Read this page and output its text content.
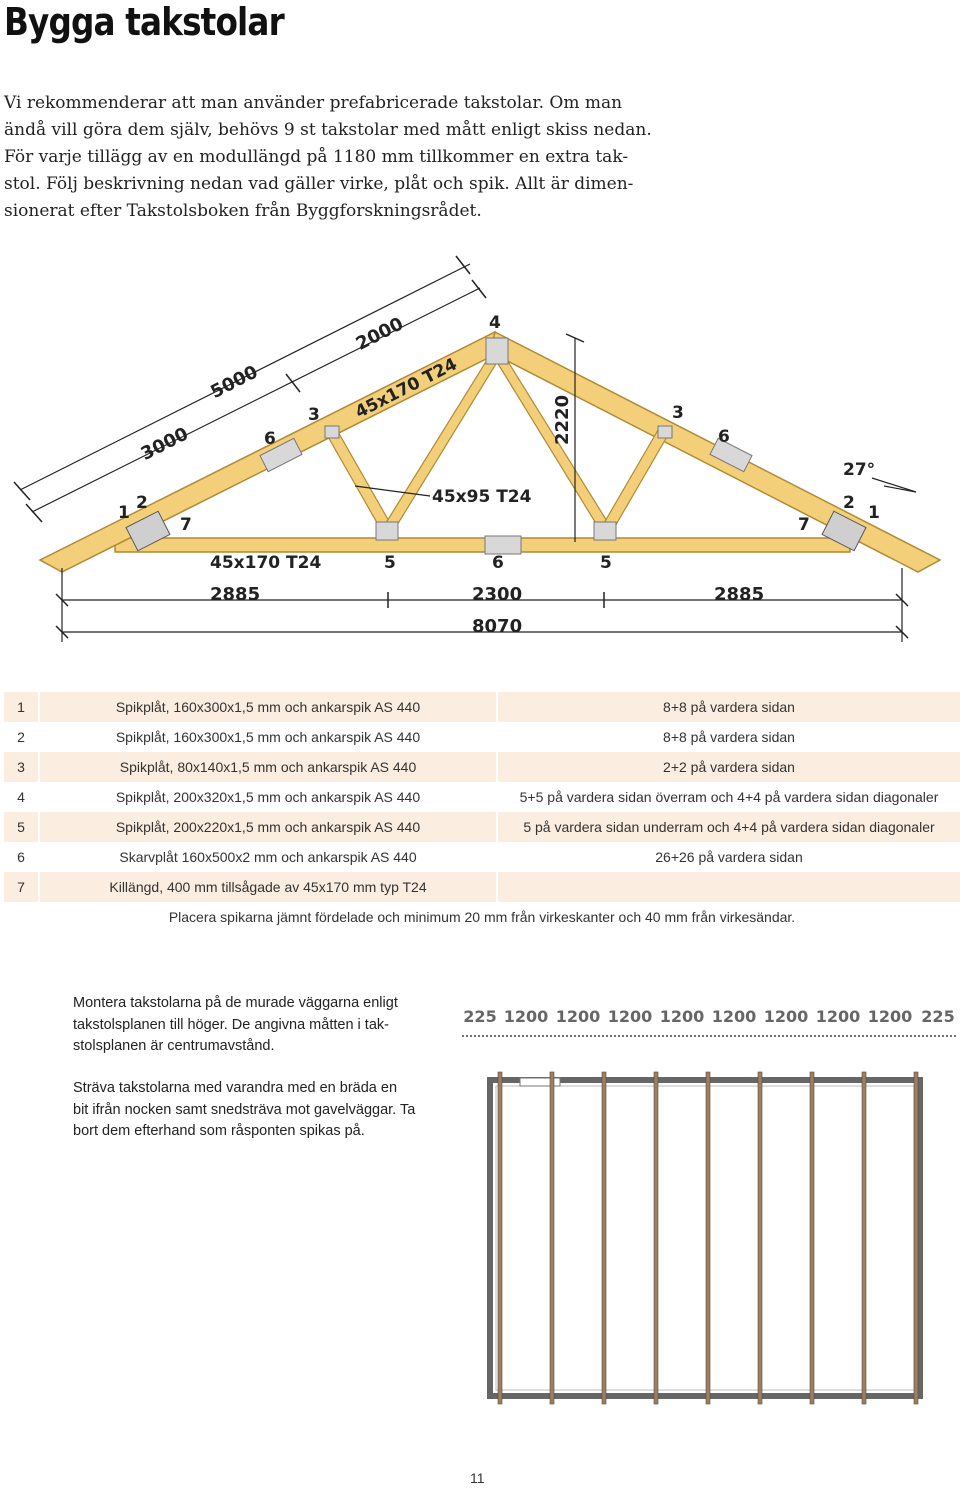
Bygga takstolar
Vi rekommenderar att man använder prefabricerade takstolar. Om man
ändå vill göra dem själv, behövs 9 st takstolar med mått enligt skiss nedan.
För varje tillägg av en modullängd på 1180 mm tillkommer en extra tak-
stol. Följ beskrivning nedan vad gäller virke, plåt och spik. Allt är dimen-
sionerat efter Takstolsboken från Byggforskningsrådet.
5000
3000
2000
45x170 T24
45x95 T24
45x170 T24
2220
27°
2885	2300	2885
8070
4
3
6
1 2
7
5	6	5
3
6
7
2 1
1	Spikplåt, 160x300x1,5 mm och ankarspik AS 440	8+8 på vardera sidan
2	Spikplåt, 160x300x1,5 mm och ankarspik AS 440	8+8 på vardera sidan
3	Spikplåt, 80x140x1,5 mm och ankarspik AS 440	2+2 på vardera sidan
4	Spikplåt, 200x320x1,5 mm och ankarspik AS 440	5+5 på vardera sidan överram och 4+4 på vardera sidan diagonaler
5	Spikplåt, 200x220x1,5 mm och ankarspik AS 440	5 på vardera sidan underram och 4+4 på vardera sidan diagonaler
6	Skarvplåt 160x500x2 mm och ankarspik AS 440	26+26 på vardera sidan
7	Killängd, 400 mm tillsågade av 45x170 mm typ T24	
Placera spikarna jämnt fördelade och minimum 20 mm från virkeskanter och 40 mm från virkesändar.		
Montera takstolarna på de murade väggarna enligt
takstolsplanen till höger. De angivna måtten i tak-
stolsplanen är centrumavstånd.
Sträva takstolarna med varandra med en bräda en
bit ifrån nocken samt snedsträva mot gavelväggar. Ta
bort dem efterhand som råsponten spikas på.
225 1200 1200 1200 1200 1200 1200 1200 1200 225
11
